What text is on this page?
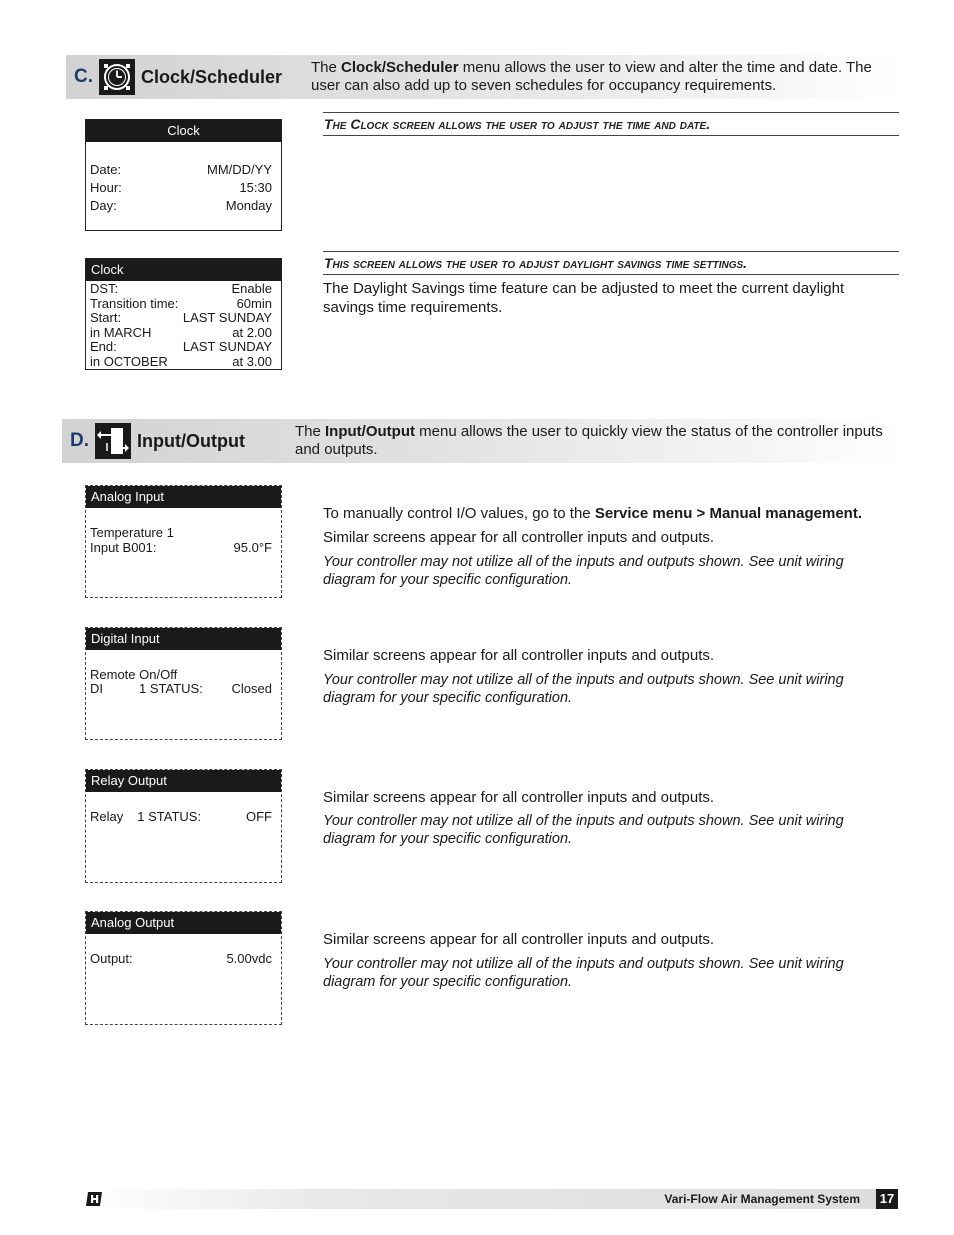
C.	Clock/Scheduler The Clock/Scheduler menu allows the user to view and alter the time and date. The user can also add up to seven schedules for occupancy requirements.
Clock
Date:	MM/DD/YY
Hour:	15:30
Day:	Monday
The Clock screen allows the user to adjust the time and date.
Clock
DST:	Enable
Transition time:	60min
Start:	LAST SUNDAY
in MARCH	at 2.00
End:	LAST SUNDAY
in OCTOBER	at 3.00
This screen allows the user to adjust daylight savings time settings.
The Daylight Savings time feature can be adjusted to meet the current daylight savings time requirements.
D.	Input/Output	The Input/Output menu allows the user to quickly view the status of the controller inputs and outputs.
Analog Input
Temperature 1
Input B001:	95.0°F
To manually control I/O values, go to the Service menu > Manual management.
Similar screens appear for all controller inputs and outputs.
Your controller may not utilize all of the inputs and outputs shown. See unit wiring diagram for your specific configuration.
Digital Input
Remote On/Off
DI	1 STATUS:	Closed
Similar screens appear for all controller inputs and outputs.
Your controller may not utilize all of the inputs and outputs shown. See unit wiring diagram for your specific configuration.
Relay Output
Relay	1 STATUS:	OFF
Similar screens appear for all controller inputs and outputs.
Your controller may not utilize all of the inputs and outputs shown. See unit wiring diagram for your specific configuration.
Analog Output
Output:	5.00vdc
Similar screens appear for all controller inputs and outputs.
Your controller may not utilize all of the inputs and outputs shown. See unit wiring diagram for your specific configuration.
Vari-Flow Air Management System	17
